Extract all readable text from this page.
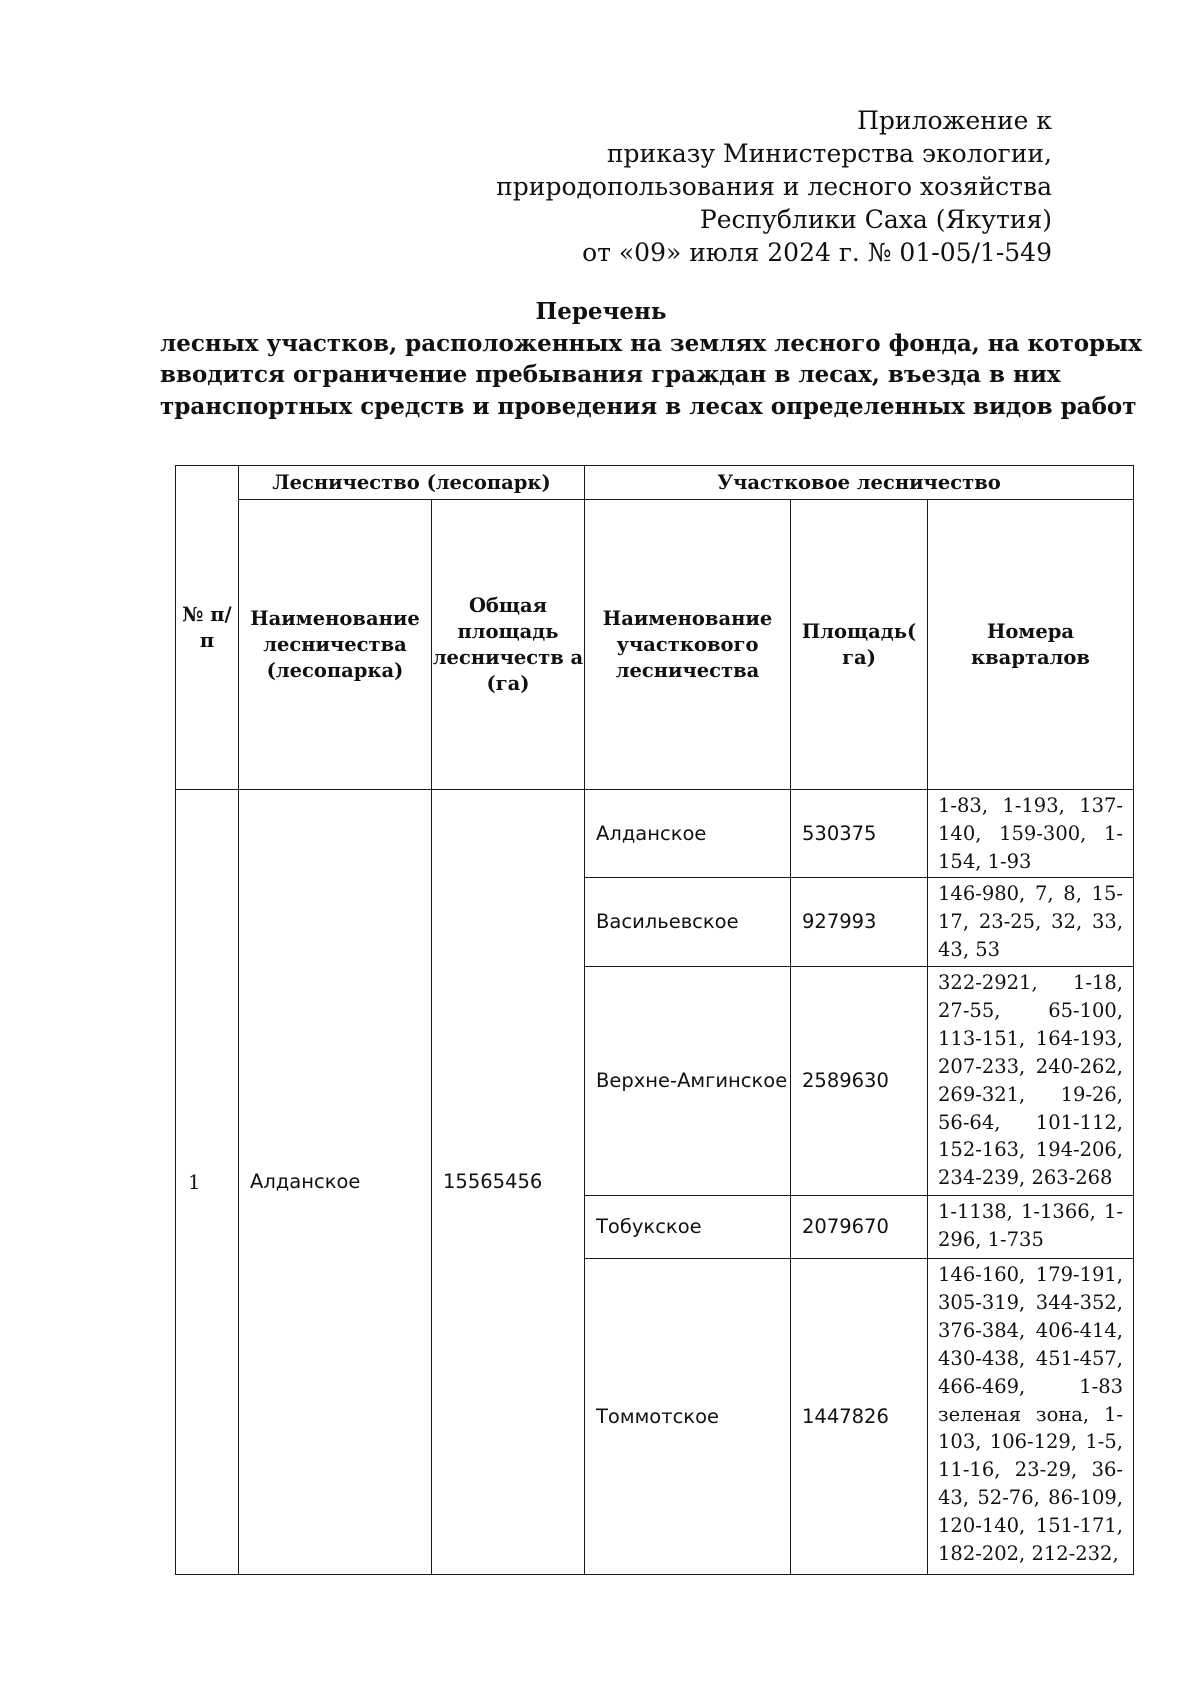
Приложение к
приказу Министерства экологии,
природопользования и лесного хозяйства
Республики Саха (Якутия)
от «09» июля 2024 г. № 01-05/1-549
Перечень
лесных участков, расположенных на землях лесного фонда, на которых
вводится ограничение пребывания граждан в лесах, въезда в них
транспортных средств и проведения в лесах определенных видов работ
№ п/п	Лесничество (лесопарк)		Участковое лесничество		
	Наименование лесничества (лесопарка)	Общая площадь лесничеств а (га)	Наименование участкового лесничества	Площадь( га)	Номера кварталов
1	Алданское	15565456	Алданское	530375	1-83, 1-193, 137-140, 159-300, 1-154, 1-93
			Васильевское	927993	146-980, 7, 8, 15-17, 23-25, 32, 33, 43, 53
			Верхне-Амгинское	2589630	322-2921, 1-18, 27-55, 65-100, 113-151, 164-193, 207-233, 240-262, 269-321, 19-26, 56-64, 101-112, 152-163, 194-206, 234-239, 263-268
			Тобукское	2079670	1-1138, 1-1366, 1-296, 1-735
			Томмотское	1447826	146-160, 179-191, 305-319, 344-352, 376-384, 406-414, 430-438, 451-457, 466-469, 1-83 зеленая зона, 1-103, 106-129, 1-5, 11-16, 23-29, 36-43, 52-76, 86-109, 120-140, 151-171, 182-202, 212-232,
